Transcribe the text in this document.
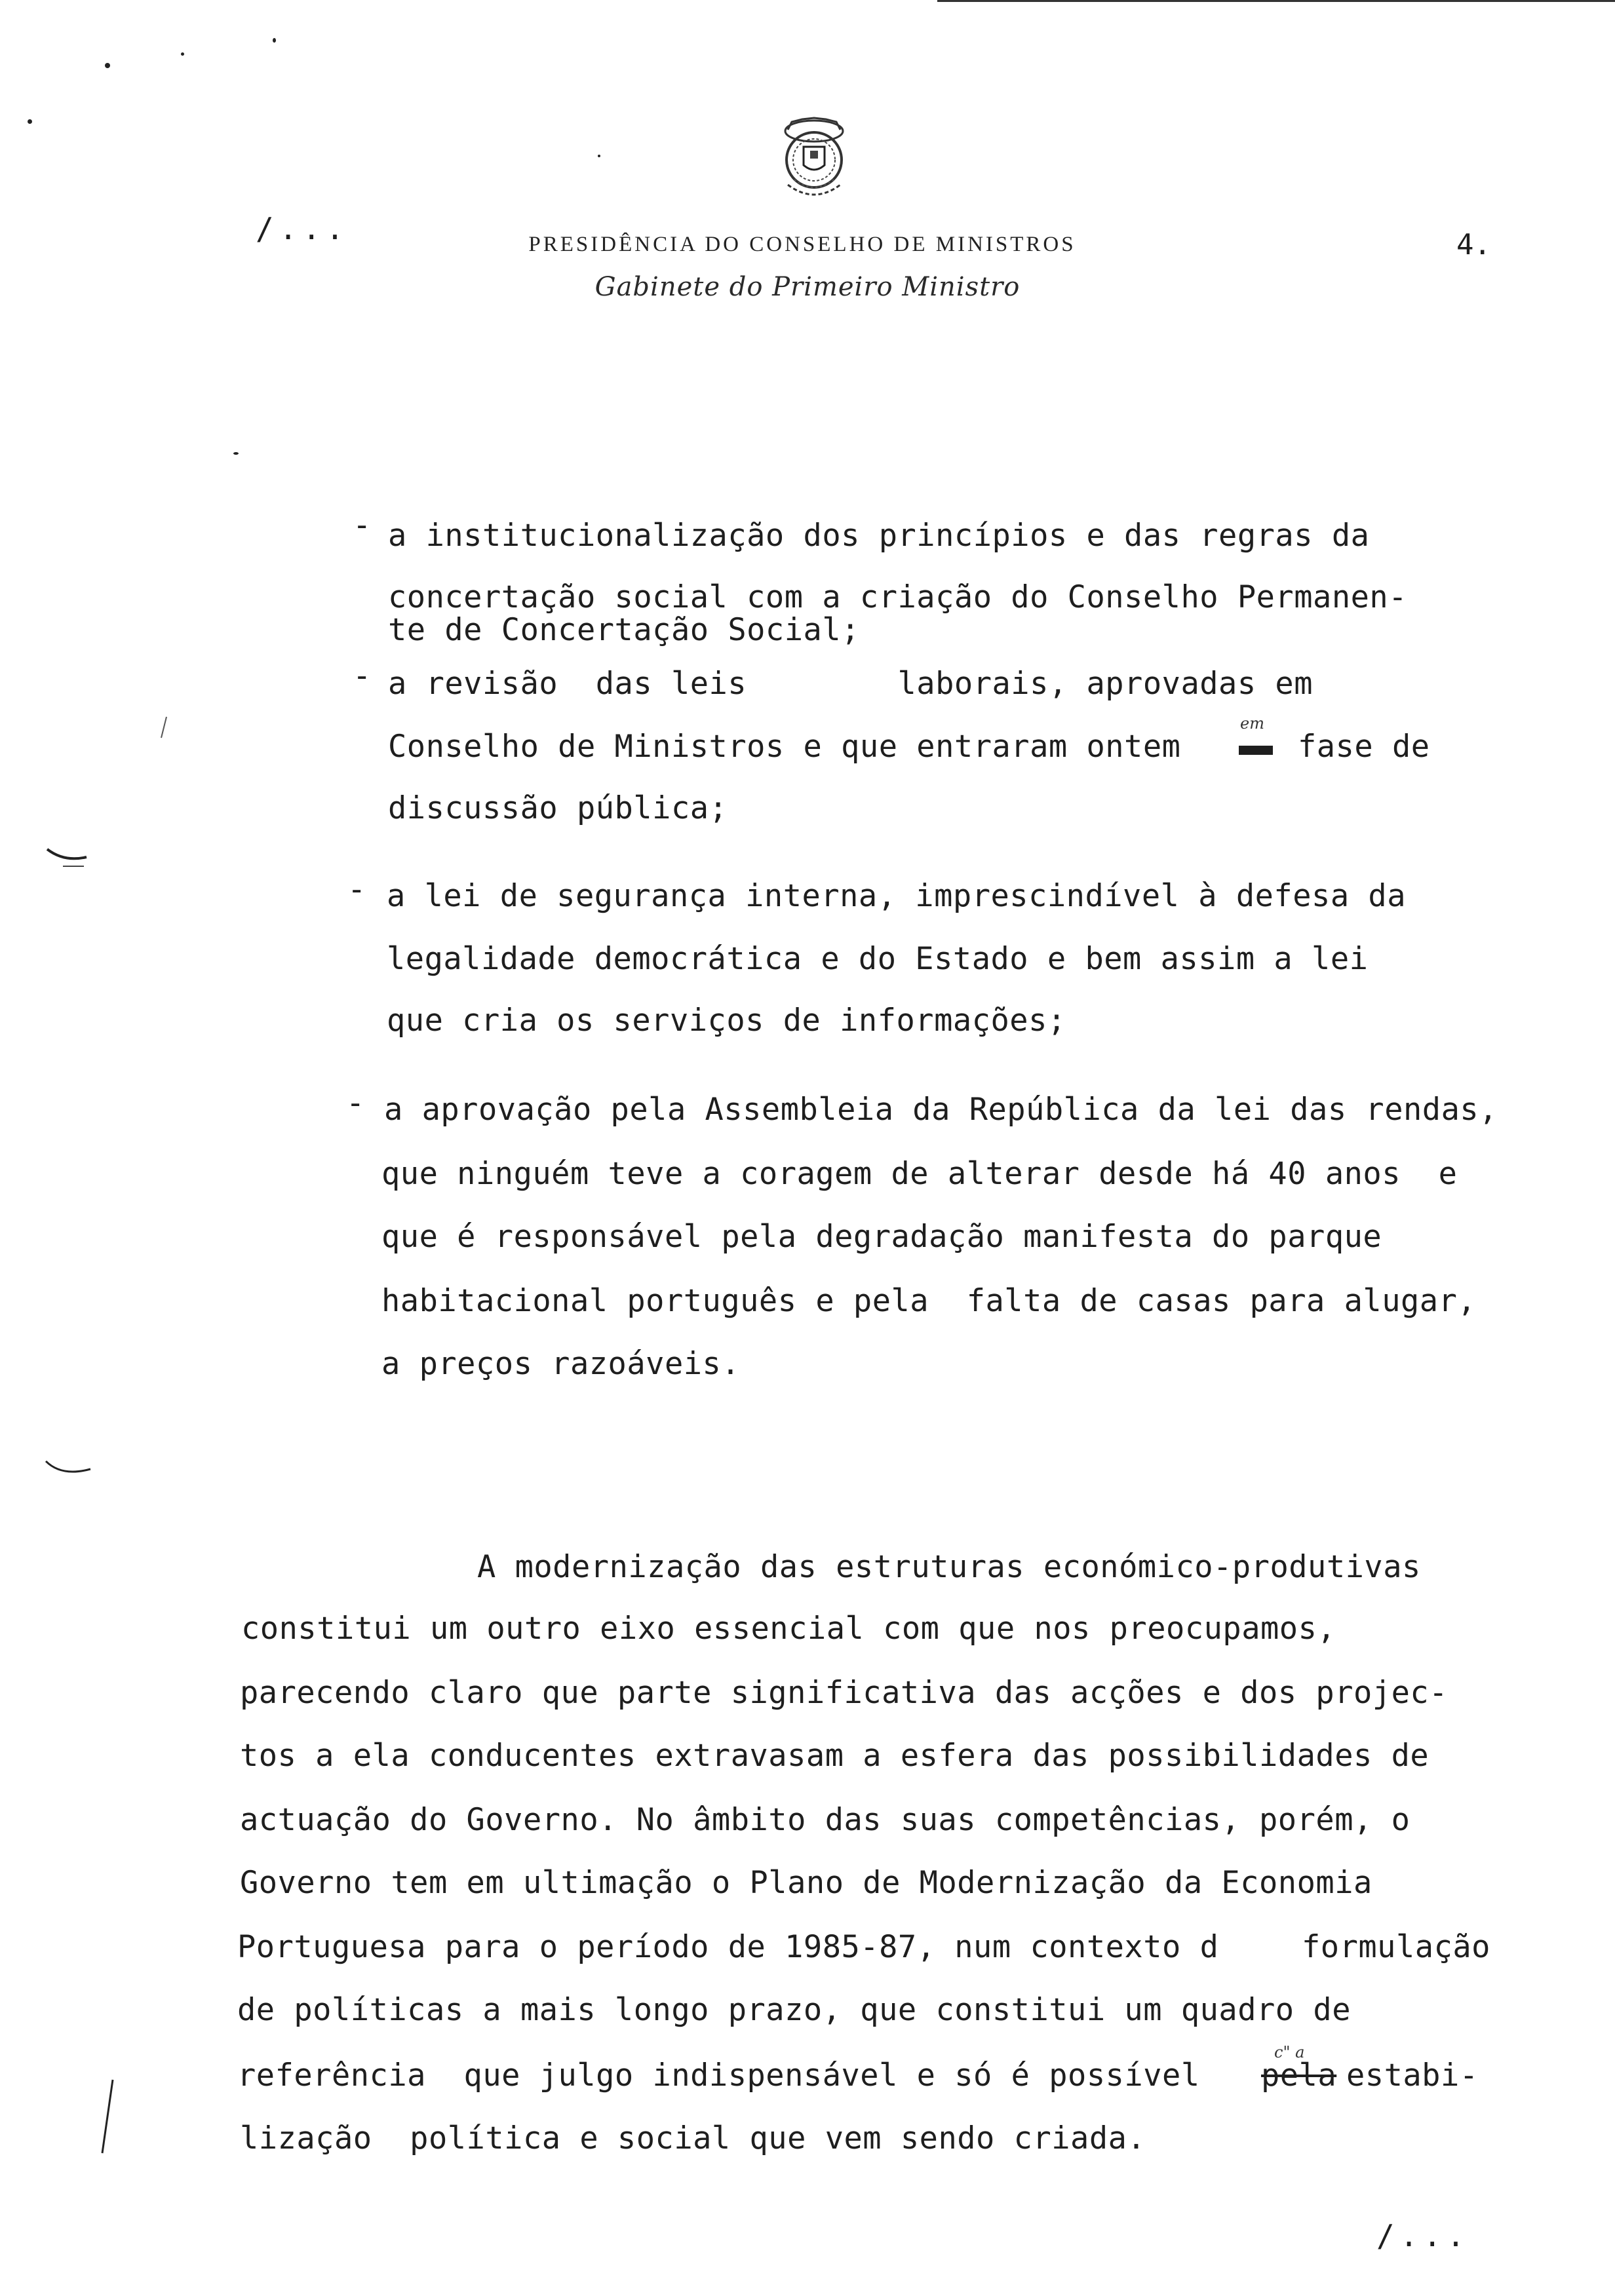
/...	PRESIDÊNCIA DO CONSELHO DE MINISTROS
Gabinete do Primeiro Ministro
4.
- a institucionalização dos princípios e das regras da
concertação social com a criação do Conselho Permanen-
te de Concertação Social;
- a revisão  das leis        laborais, aprovadas em
Conselho de Ministros e que entraram ontem
em
fase de
discussão pública;
- a lei de segurança interna, imprescindível à defesa da
legalidade democrática e do Estado e bem assim a lei
que cria os serviços de informações;
- a aprovação pela Assembleia da República da lei das rendas,
que ninguém teve a coragem de alterar desde há 40 anos  e
que é responsável pela degradação manifesta do parque
habitacional português e pela  falta de casas para alugar,
a preços razoáveis.
A modernização das estruturas económico-produtivas
constitui um outro eixo essencial com que nos preocupamos,
parecendo claro que parte significativa das acções e dos projec-
tos a ela conducentes extravasam a esfera das possibilidades de
actuação do Governo. No âmbito das suas competências, porém, o
Governo tem em ultimação o Plano de Modernização da Economia
Portuguesa para o período de 1985-87, num contexto d	formulação
de políticas a mais longo prazo, que constitui um quadro de
c" a
referência  que julgo indispensável e só é possível pela estabi-
lização  política e social que vem sendo criada.
/...
